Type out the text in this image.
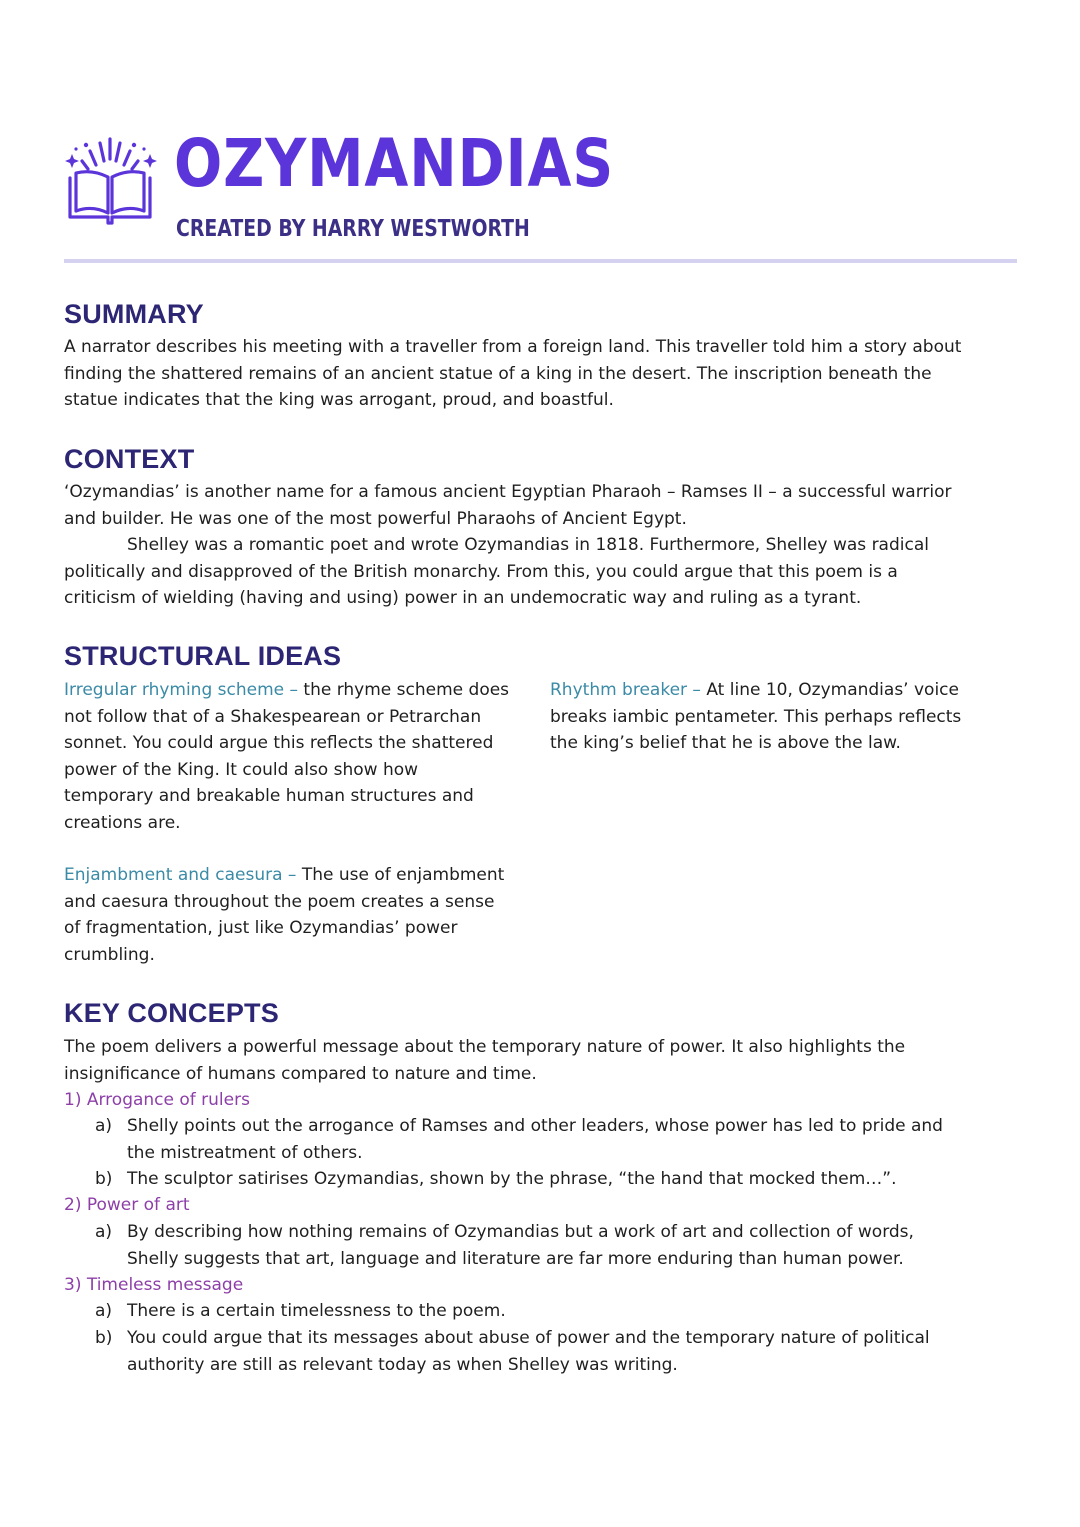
OZYMANDIAS
CREATED BY HARRY WESTWORTH
SUMMARY
A narrator describes his meeting with a traveller from a foreign land. This traveller told him a story about
finding the shattered remains of an ancient statue of a king in the desert. The inscription beneath the
statue indicates that the king was arrogant, proud, and boastful.
CONTEXT
‘Ozymandias’ is another name for a famous ancient Egyptian Pharaoh – Ramses II – a successful warrior
and builder. He was one of the most powerful Pharaohs of Ancient Egypt.
Shelley was a romantic poet and wrote Ozymandias in 1818. Furthermore, Shelley was radical
politically and disapproved of the British monarchy. From this, you could argue that this poem is a
criticism of wielding (having and using) power in an undemocratic way and ruling as a tyrant.
STRUCTURAL IDEAS
Irregular rhyming scheme – the rhyme scheme does
not follow that of a Shakespearean or Petrarchan
sonnet. You could argue this reflects the shattered
power of the King. It could also show how
temporary and breakable human structures and
creations are.
Rhythm breaker – At line 10, Ozymandias’ voice
breaks iambic pentameter. This perhaps reflects
the king’s belief that he is above the law.
Enjambment and caesura – The use of enjambment
and caesura throughout the poem creates a sense
of fragmentation, just like Ozymandias’ power
crumbling.
KEY CONCEPTS
The poem delivers a powerful message about the temporary nature of power. It also highlights the
insignificance of humans compared to nature and time.
1) Arrogance of rulers
a) Shelly points out the arrogance of Ramses and other leaders, whose power has led to pride and
the mistreatment of others.
b) The sculptor satirises Ozymandias, shown by the phrase, “the hand that mocked them…”.
2) Power of art
a) By describing how nothing remains of Ozymandias but a work of art and collection of words,
Shelly suggests that art, language and literature are far more enduring than human power.
3) Timeless message
a) There is a certain timelessness to the poem.
b) You could argue that its messages about abuse of power and the temporary nature of political
authority are still as relevant today as when Shelley was writing.
